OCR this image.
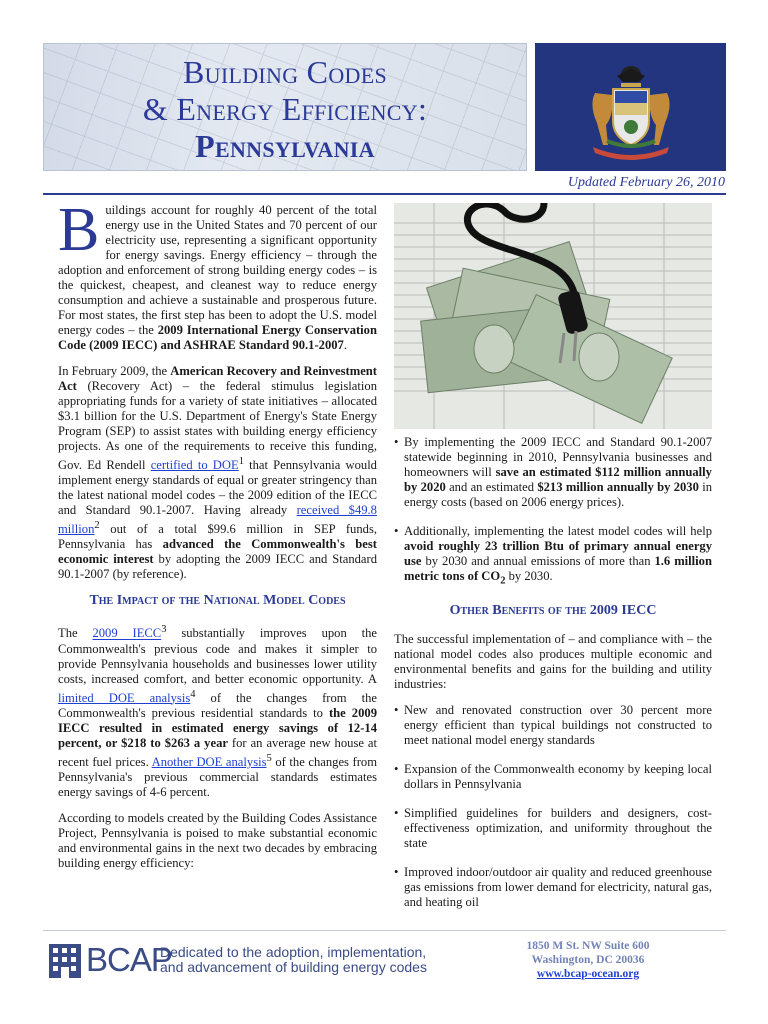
Building Codes
& Energy Efficiency:
Pennsylvania
Updated February 26, 2010

Buildings account for roughly 40 percent of the total energy use in the United States and 70 percent of our electricity use, representing a significant opportunity for energy savings. Energy efficiency – through the adoption and enforcement of strong building energy codes – is the quickest, cheapest, and cleanest way to reduce energy consumption and achieve a sustainable and prosperous future. For most states, the first step has been to adopt the U.S. model energy codes – the 2009 International Energy Conservation Code (2009 IECC) and ASHRAE Standard 90.1-2007.

In February 2009, the American Recovery and Reinvestment Act (Recovery Act) – the federal stimulus legislation appropriating funds for a variety of state initiatives – allocated $3.1 billion for the U.S. Department of Energy's State Energy Program (SEP) to assist states with building energy efficiency projects. As one of the requirements to receive this funding, Gov. Ed Rendell certified to DOE$^1$ that Pennsylvania would implement energy standards of equal or greater stringency than the latest national model codes – the 2009 edition of the IECC and Standard 90.1-2007. Having already received $49.8 million$^2$ out of a total $99.6 million in SEP funds, Pennsylvania has advanced the Commonwealth's best economic interest by adopting the 2009 IECC and Standard 90.1-2007 (by reference).

The Impact of the National Model Codes

The 2009 IECC$^3$ substantially improves upon the Commonwealth's previous code and makes it simpler to provide Pennsylvania households and businesses lower utility costs, increased comfort, and better economic opportunity. A limited DOE analysis$^4$ of the changes from the Commonwealth's previous residential standards to the 2009 IECC resulted in estimated energy savings of 12-14 percent, or $218 to $263 a year for an average new house at recent fuel prices. Another DOE analysis$^5$ of the changes from Pennsylvania's previous commercial standards estimates energy savings of 4-6 percent.

According to models created by the Building Codes Assistance Project, Pennsylvania is poised to make substantial economic and environmental gains in the next two decades by embracing building energy efficiency:

• By implementing the 2009 IECC and Standard 90.1-2007 statewide beginning in 2010, Pennsylvania businesses and homeowners will save an estimated $112 million annually by 2020 and an estimated $213 million annually by 2030 in energy costs (based on 2006 energy prices).
• Additionally, implementing the latest model codes will help avoid roughly 23 trillion Btu of primary annual energy use by 2030 and annual emissions of more than 1.6 million metric tons of $CO_2$ by 2030.
Other Benefits of the 2009 IECC

The successful implementation of – and compliance with – the national model codes also produces multiple economic and environmental benefits and gains for the building and utility industries:

• New and renovated construction over 30 percent more energy efficient than typical buildings not constructed to meet national model energy standards
• Expansion of the Commonwealth economy by keeping local dollars in Pennsylvania
• Simplified guidelines for builders and designers, cost-effectiveness optimization, and uniformity throughout the state
• Improved indoor/outdoor air quality and reduced greenhouse gas emissions from lower demand for electricity, natural gas, and heating oil
BCAP
Dedicated to the adoption, implementation,
and advancement of building energy codes
1850 M St. NW Suite 600
Washington, DC 20036
www.bcap-ocean.org
